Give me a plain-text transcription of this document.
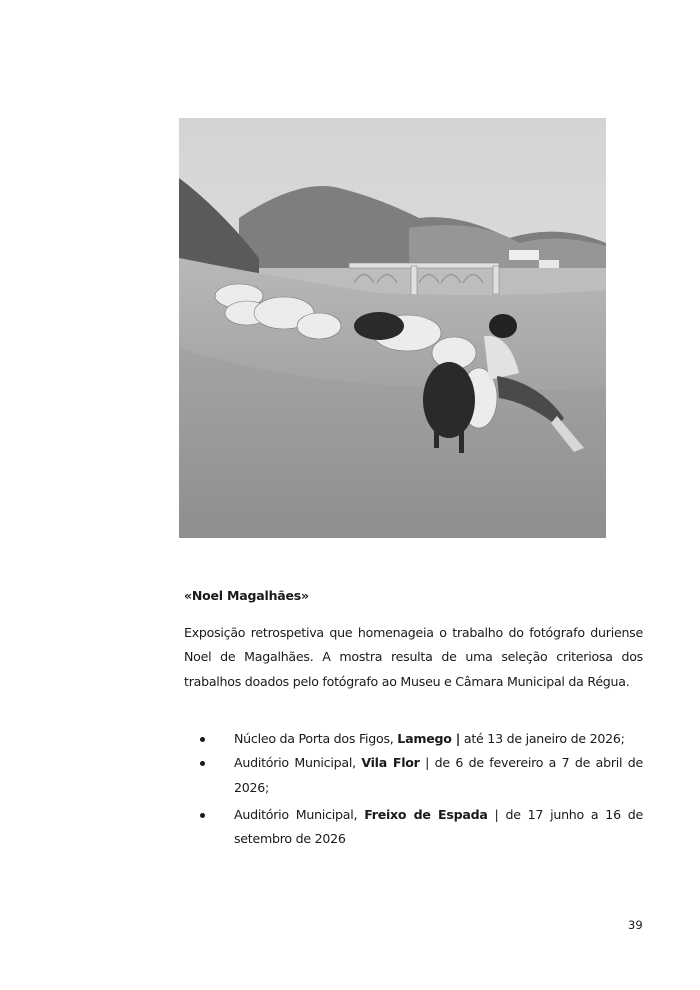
«Noel Magalhães»
Exposição retrospetiva que homenageia o trabalho do fotógrafo duriense Noel de Magalhães. A mostra resulta de uma seleção criteriosa dos trabalhos doados pelo fotógrafo ao Museu e Câmara Municipal da Régua.
Núcleo da Porta dos Figos, Lamego | até 13 de janeiro de 2026;
Auditório Municipal, Vila Flor | de 6 de fevereiro a 7 de abril de 2026;
Auditório Municipal, Freixo de Espada | de 17 junho a 16 de setembro de 2026
39
